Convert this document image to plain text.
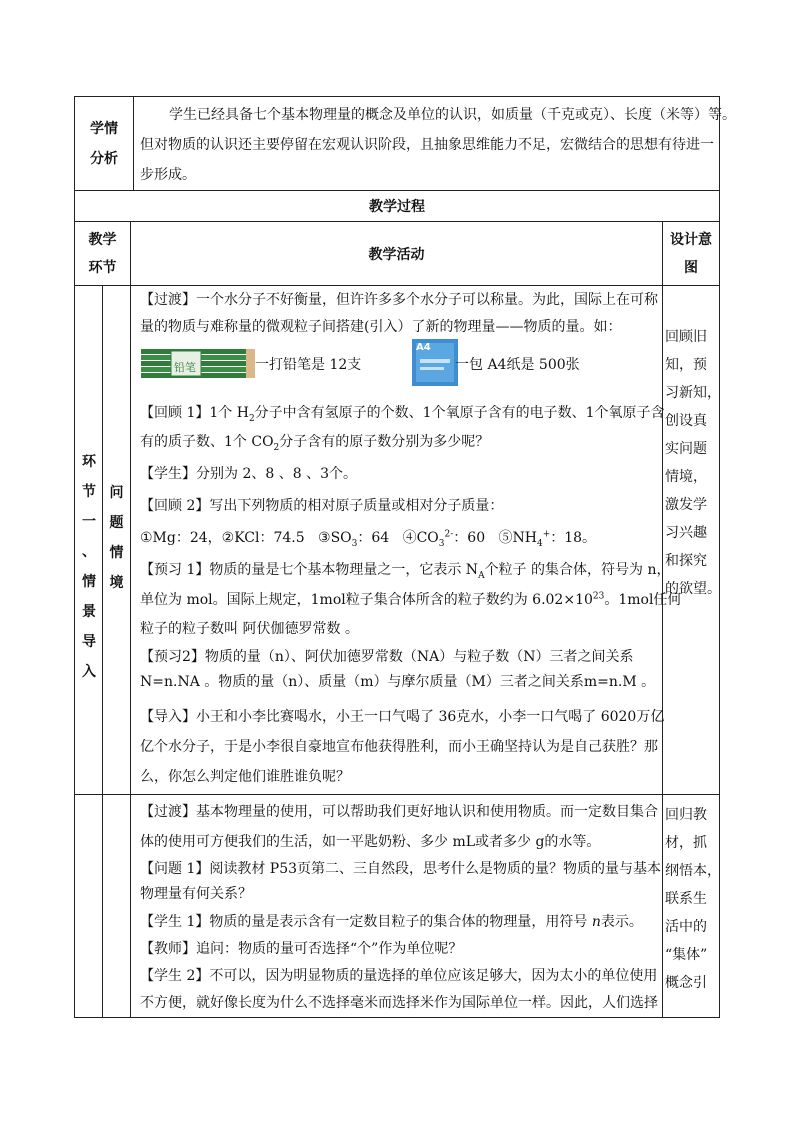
学情
分析
学生已经具备七个基本物理量的概念及单位的认识，如质量（千克或克）、长度（米等）等。
但对物质的认识还主要停留在宏观认识阶段，且抽象思维能力不足，宏微结合的思想有待进一
步形成。
教学过程
教学
环节
教学活动
设计意
图
环
节
一
、
情
景
导
入
问
题
情
境
【过渡】一个水分子不好衡量，但许许多多个水分子可以称量。为此，国际上在可称
量的物质与难称量的微观粒子间搭建(引入）了新的物理量——物质的量。如：
铅笔	一打铅笔是 12支
A4
一包 A4纸是 500张
【回顾 1】1个 $H_2$分子中含有氢原子的个数、1个氧原子含有的电子数、1个氧原子含
有的质子数、1个 $CO_2$分子含有的原子数分别为多少呢？
【学生】分别为 2、8 、8 、3个。
【回顾 2】写出下列物质的相对原子质量或相对分子质量：
①Mg：24，②KCl：74.5 $③SO_3$：64 $④CO_3^{2-}$：60 $⑤NH_4^+$：18。
【预习 1】物质的量是七个基本物理量之一，它表示 $N_A$个粒子 的集合体，符号为 n，
单位为 mol。国际上规定，1mol粒子集合体所含的粒子数约为 $6.02\times 10^{23}$。1mol任何
粒子的粒子数叫 阿伏伽德罗常数 。
【预习2】物质的量（n）、阿伏加德罗常数（NA）与粒子数（N）三者之间关系
N=n.NA 。物质的量（n）、质量（m）与摩尔质量（M）三者之间关系m=n.M 。
【导入】小王和小李比赛喝水，小王一口气喝了 36克水，小李一口气喝了 6020万亿
亿个水分子，于是小李很自豪地宣布他获得胜利，而小王确坚持认为是自己获胜？那
么，你怎么判定他们谁胜谁负呢？
回顾旧
知，预
习新知，
创设真
实问题
情境，
激发学
习兴趣
和探究
的欲望。
【过渡】基本物理量的使用，可以帮助我们更好地认识和使用物质。而一定数目集合
体的使用可方便我们的生活，如一平匙奶粉、多少 mL或者多少 g的水等。
【问题 1】阅读教材 P53页第二、三自然段，思考什么是物质的量？物质的量与基本
物理量有何关系？
【学生 1】物质的量是表示含有一定数目粒子的集合体的物理量，用符号 n表示。
【教师】追问：物质的量可否选择“个”作为单位呢？
【学生 2】不可以，因为明显物质的量选择的单位应该足够大，因为太小的单位使用
不方便，就好像长度为什么不选择毫米而选择米作为国际单位一样。因此，人们选择
回归教
材，抓
纲悟本，
联系生
活中的
“集体”
概念引
